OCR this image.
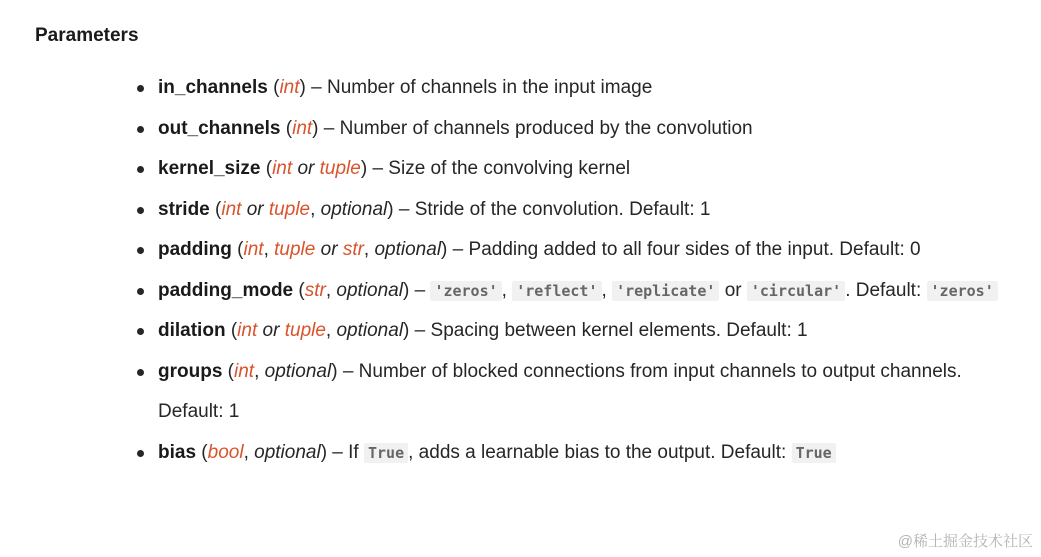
Parameters
in_channels (int) – Number of channels in the input image
out_channels (int) – Number of channels produced by the convolution
kernel_size (int or tuple) – Size of the convolving kernel
stride (int or tuple, optional) – Stride of the convolution. Default: 1
padding (int, tuple or str, optional) – Padding added to all four sides of the input. Default: 0
padding_mode (str, optional) – 'zeros' , 'reflect' , 'replicate' or 'circular' . Default: 'zeros'
dilation (int or tuple, optional) – Spacing between kernel elements. Default: 1
groups (int, optional) – Number of blocked connections from input channels to output channels. Default: 1
bias (bool, optional) – If True , adds a learnable bias to the output. Default: True
@稀土掘金技术社区
